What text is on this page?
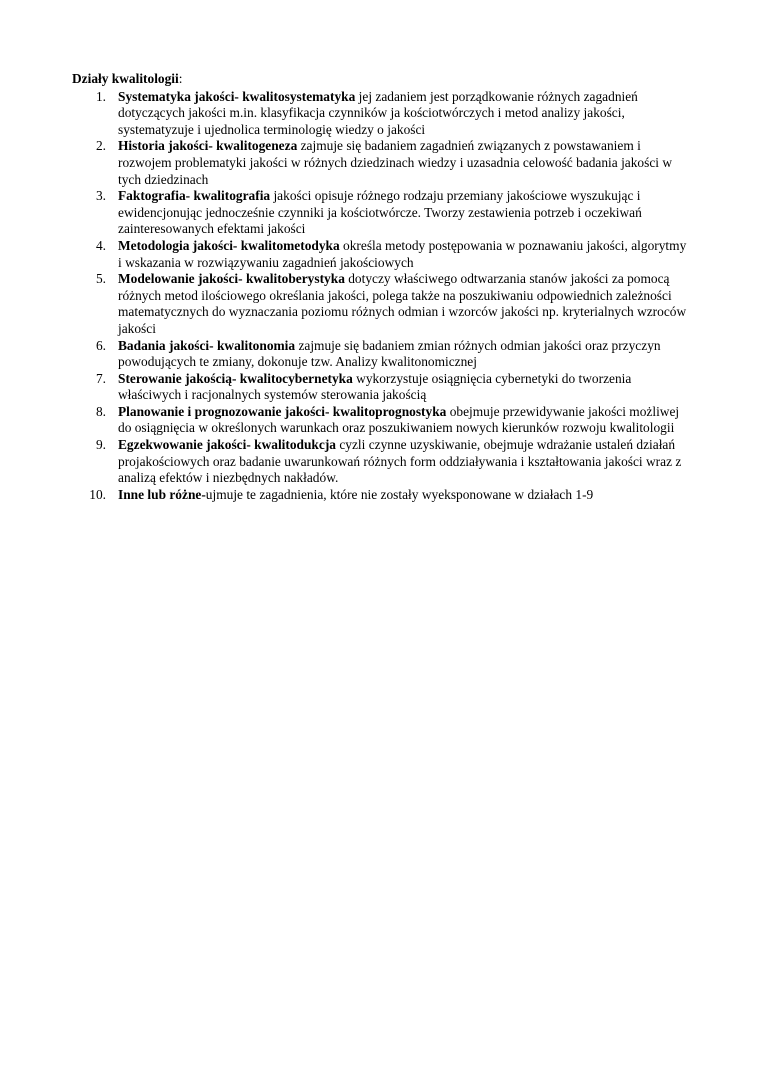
Działy kwalitologii:

1. Systematyka jakości- kwalitosystematyka jej zadaniem jest porządkowanie różnych zagadnień dotyczących jakości m.in. klasyfikacja czynników ja kościotwórczych i metod analizy jakości, systematyzuje i ujednolica terminologię wiedzy o jakości
2. Historia jakości- kwalitogeneza zajmuje się badaniem zagadnień związanych z powstawaniem i rozwojem problematyki jakości w różnych dziedzinach wiedzy i uzasadnia celowość badania jakości w tych dziedzinach
3. Faktografia- kwalitografia jakości opisuje różnego rodzaju przemiany jakościowe wyszukując i ewidencjonując jednocześnie czynniki ja kościotwórcze. Tworzy zestawienia potrzeb i oczekiwań zainteresowanych efektami jakości
4. Metodologia jakości- kwalitometodyka określa metody postępowania w poznawaniu jakości, algorytmy i wskazania w rozwiązywaniu zagadnień jakościowych
5. Modelowanie jakości- kwalitoberystyka dotyczy właściwego odtwarzania stanów jakości za pomocą różnych metod ilościowego określania jakości, polega także na poszukiwaniu odpowiednich zależności matematycznych do wyznaczania poziomu różnych odmian i wzorców jakości np. kryterialnych wzroców jakości
6. Badania jakości- kwalitonomia zajmuje się badaniem zmian różnych odmian jakości oraz przyczyn powodujących te zmiany, dokonuje tzw. Analizy kwalitonomicznej
7. Sterowanie jakością- kwalitocybernetyka wykorzystuje osiągnięcia cybernetyki do tworzenia właściwych i racjonalnych systemów sterowania jakością
8. Planowanie i prognozowanie jakości- kwalitoprognostyka obejmuje przewidywanie jakości możliwej do osiągnięcia w określonych warunkach oraz poszukiwaniem nowych kierunków rozwoju kwalitologii
9. Egzekwowanie jakości- kwalitodukcja cyzli czynne uzyskiwanie, obejmuje wdrażanie ustaleń działań projakościowych oraz badanie uwarunkowań różnych form oddziaływania i kształtowania jakości wraz z analizą efektów i niezbędnych nakładów.
10. Inne lub różne-ujmuje te zagadnienia, które nie zostały wyeksponowane w działach 1-9
